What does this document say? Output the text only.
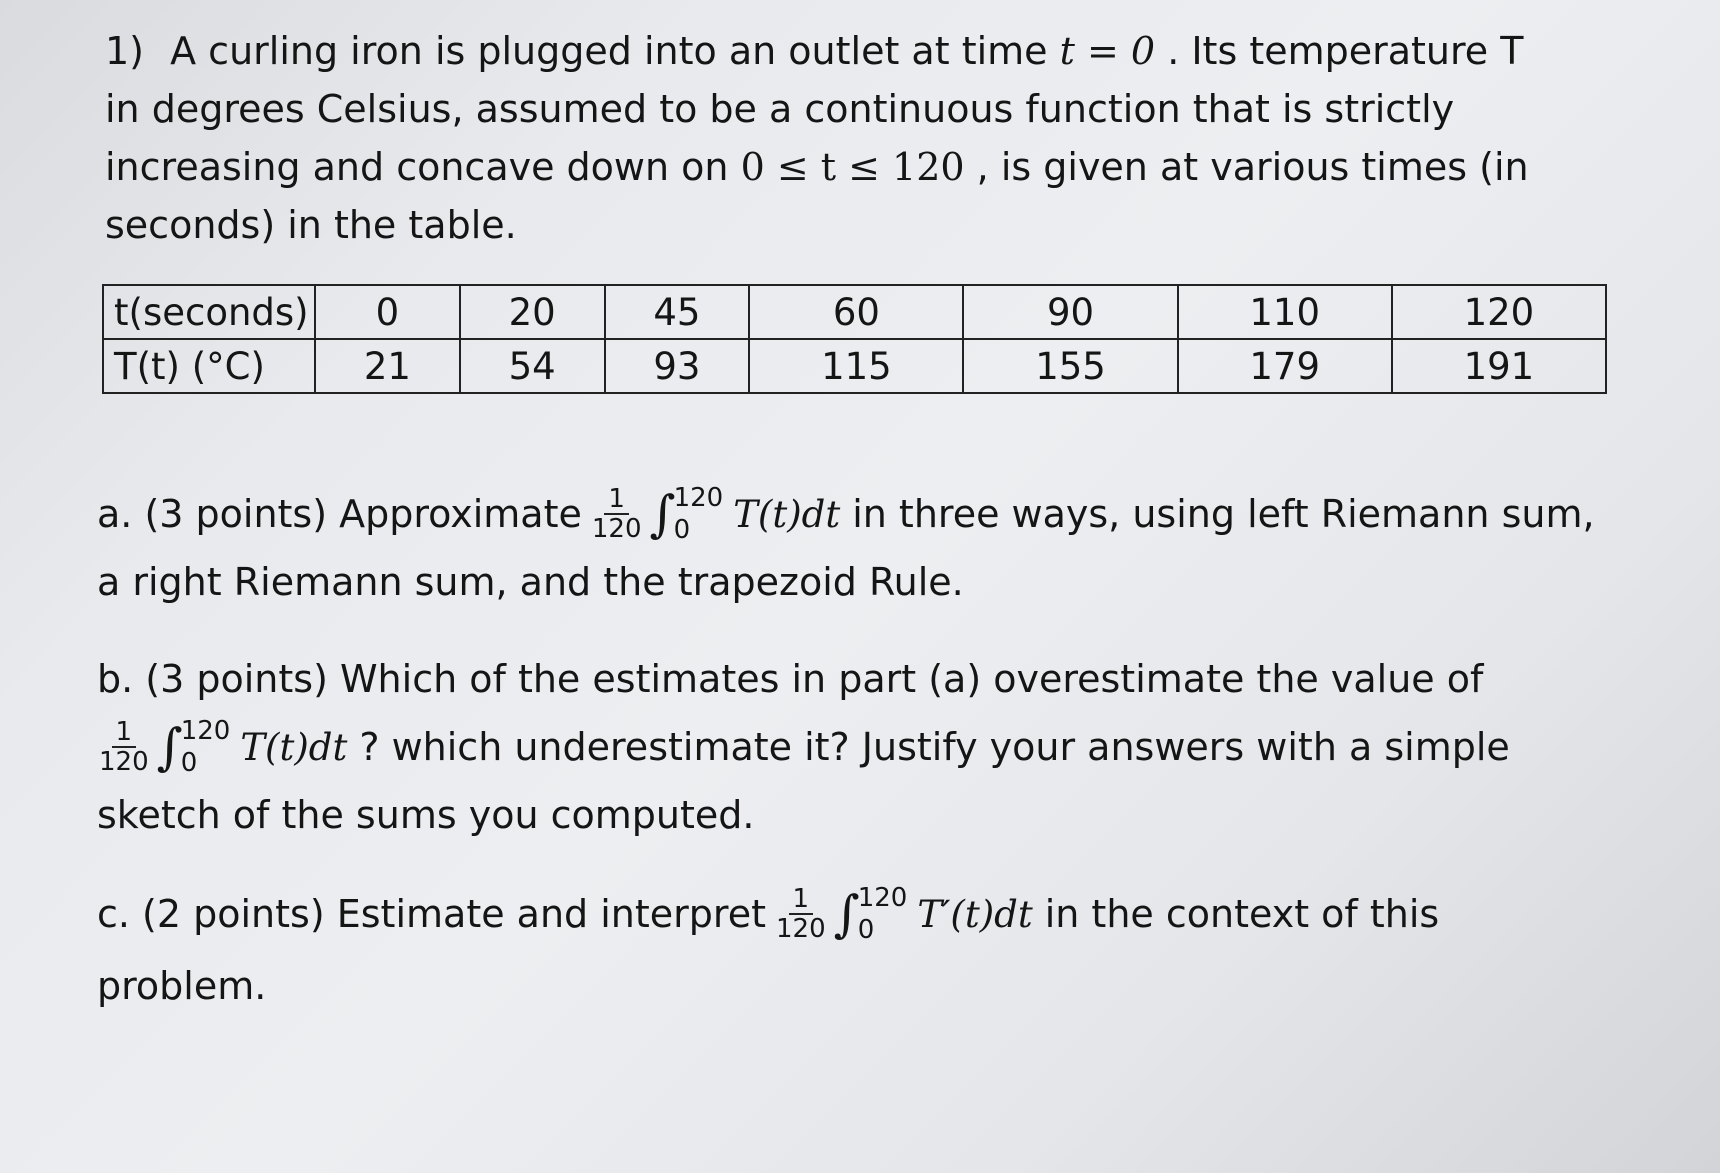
1) A curling iron is plugged into an outlet at time t = 0 . Its temperature T in degrees Celsius, assumed to be a continuous function that is strictly increasing and concave down on 0 ≤ t ≤ 120 , is given at various times (in seconds) in the table.
t(seconds)	0	20	45	60	90	110	120
T(t) (°C)	21	54	93	115	155	179	191
a. (3 points) Approximate $\frac{1}{120}$ ∫
120
0	T(t)dt in three ways, using left Riemann sum,
a right Riemann sum, and the trapezoid Rule.
b. (3 points) Which of the estimates in part (a) overestimate the value of
$\frac{1}{120}$ ∫
120
0	T(t)dt ? which underestimate it? Justify your answers with a simple
sketch of the sums you computed.
c. (2 points) Estimate and interpret $\frac{1}{120}$ ∫
120
0	T′(t)dt in the context of this
problem.
